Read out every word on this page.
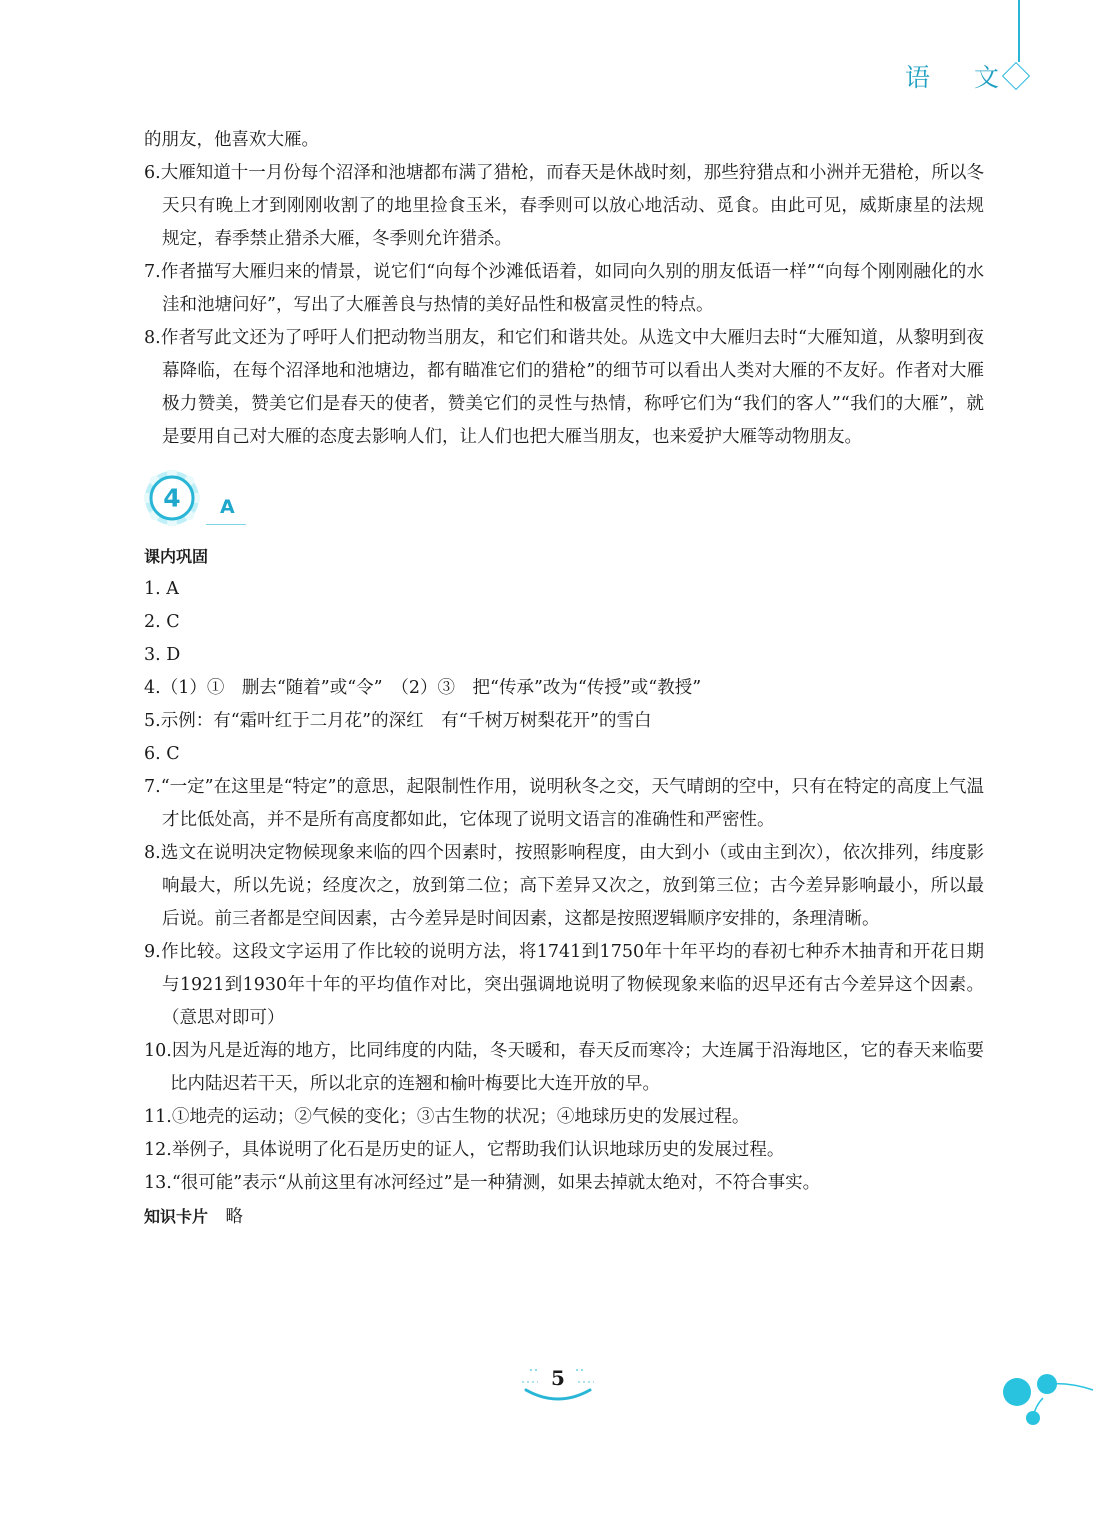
语 文

的朋友，他喜欢大雁。

6.大雁知道十一月份每个沼泽和池塘都布满了猎枪，而春天是休战时刻，那些狩猎点和小洲并无猎枪，所以冬天只有晚上才到刚刚收割了的地里捡食玉米，春季则可以放心地活动、觅食。由此可见，威斯康星的法规规定，春季禁止猎杀大雁，冬季则允许猎杀。

7.作者描写大雁归来的情景，说它们“向每个沙滩低语着，如同向久别的朋友低语一样”“向每个刚刚融化的水洼和池塘问好”，写出了大雁善良与热情的美好品性和极富灵性的特点。

8.作者写此文还为了呼吁人们把动物当朋友，和它们和谐共处。从选文中大雁归去时“大雁知道，从黎明到夜幕降临，在每个沼泽地和池塘边，都有瞄准它们的猎枪”的细节可以看出人类对大雁的不友好。作者对大雁极力赞美，赞美它们是春天的使者，赞美它们的灵性与热情，称呼它们为“我们的客人”“我们的大雁”，就是要用自己对大雁的态度去影响人们，让人们也把大雁当朋友，也来爱护大雁等动物朋友。

4 A

课内巩固

1. A

2. C

3. D

4.（1）①　删去“随着”或“令”　（2）③　把“传承”改为“传授”或“教授”

5.示例：有“霜叶红于二月花”的深红　有“千树万树梨花开”的雪白

6. C

7.“一定”在这里是“特定”的意思，起限制性作用，说明秋冬之交，天气晴朗的空中，只有在特定的高度上气温才比低处高，并不是所有高度都如此，它体现了说明文语言的准确性和严密性。

8.选文在说明决定物候现象来临的四个因素时，按照影响程度，由大到小（或由主到次），依次排列，纬度影响最大，所以先说；经度次之，放到第二位；高下差异又次之，放到第三位；古今差异影响最小，所以最后说。前三者都是空间因素，古今差异是时间因素，这都是按照逻辑顺序安排的，条理清晰。

9.作比较。这段文字运用了作比较的说明方法，将1741到1750年十年平均的春初七种乔木抽青和开花日期与1921到1930年十年的平均值作对比，突出强调地说明了物候现象来临的迟早还有古今差异这个因素。（意思对即可）

10.因为凡是近海的地方，比同纬度的内陆，冬天暖和，春天反而寒冷；大连属于沿海地区，它的春天来临要比内陆迟若干天，所以北京的连翘和榆叶梅要比大连开放的早。

11.①地壳的运动；②气候的变化；③古生物的状况；④地球历史的发展过程。

12.举例子，具体说明了化石是历史的证人，它帮助我们认识地球历史的发展过程。

13.“很可能”表示“从前这里有冰河经过”是一种猜测，如果去掉就太绝对，不符合事实。

知识卡片　 略

5
